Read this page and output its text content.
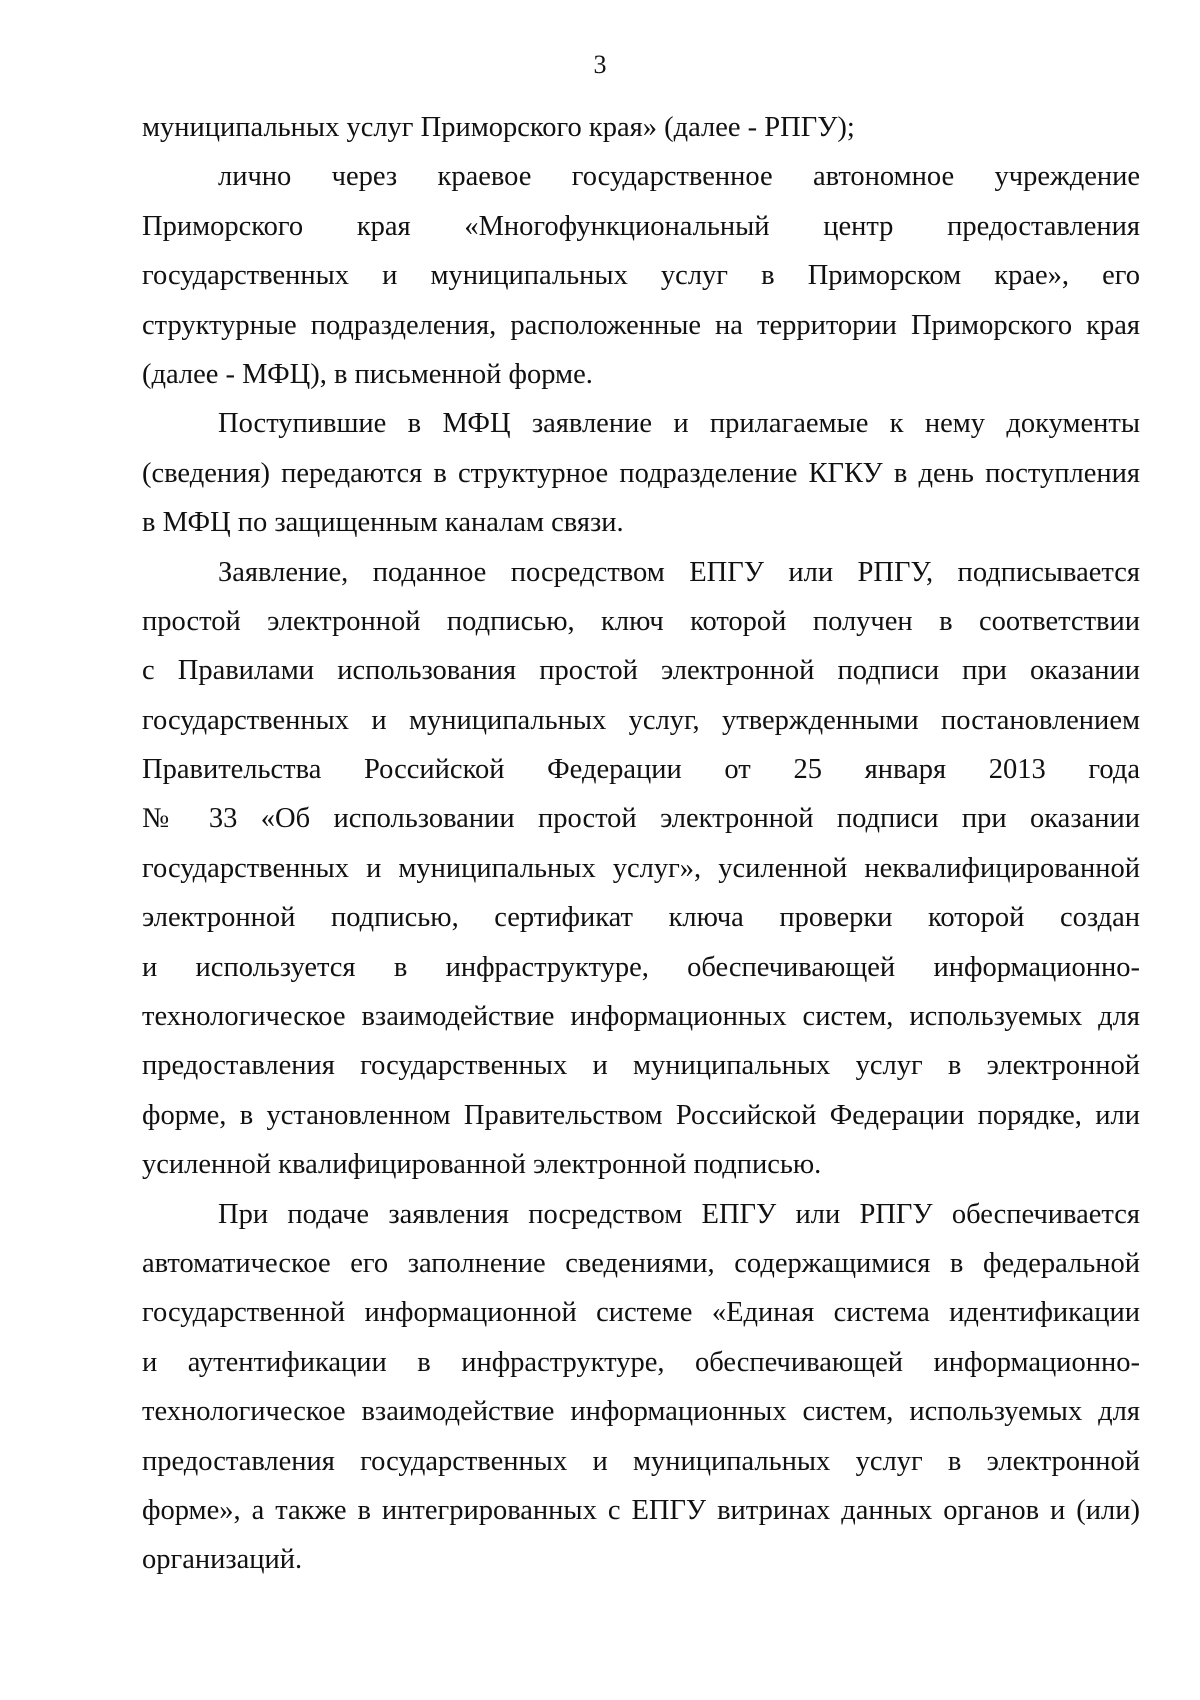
3
муниципальных услуг Приморского края» (далее - РПГУ);
лично через краевое государственное автономное учреждение
Приморского края «Многофункциональный центр предоставления
государственных и муниципальных услуг в Приморском крае», его
структурные подразделения, расположенные на территории Приморского края
(далее - МФЦ), в письменной форме.
Поступившие в МФЦ заявление и прилагаемые к нему документы
(сведения) передаются в структурное подразделение КГКУ в день поступления
в МФЦ по защищенным каналам связи.
Заявление, поданное посредством ЕПГУ или РПГУ, подписывается
простой электронной подписью, ключ которой получен в соответствии
с Правилами использования простой электронной подписи при оказании
государственных и муниципальных услуг, утвержденными постановлением
Правительства Российской Федерации от 25 января 2013 года
№ 33 «Об использовании простой электронной подписи при оказании
государственных и муниципальных услуг», усиленной неквалифицированной
электронной подписью, сертификат ключа проверки которой создан
и используется в инфраструктуре, обеспечивающей информационно-
технологическое взаимодействие информационных систем, используемых для
предоставления государственных и муниципальных услуг в электронной
форме, в установленном Правительством Российской Федерации порядке, или
усиленной квалифицированной электронной подписью.
При подаче заявления посредством ЕПГУ или РПГУ обеспечивается
автоматическое его заполнение сведениями, содержащимися в федеральной
государственной информационной системе «Единая система идентификации
и аутентификации в инфраструктуре, обеспечивающей информационно-
технологическое взаимодействие информационных систем, используемых для
предоставления государственных и муниципальных услуг в электронной
форме», а также в интегрированных с ЕПГУ витринах данных органов и (или)
организаций.
